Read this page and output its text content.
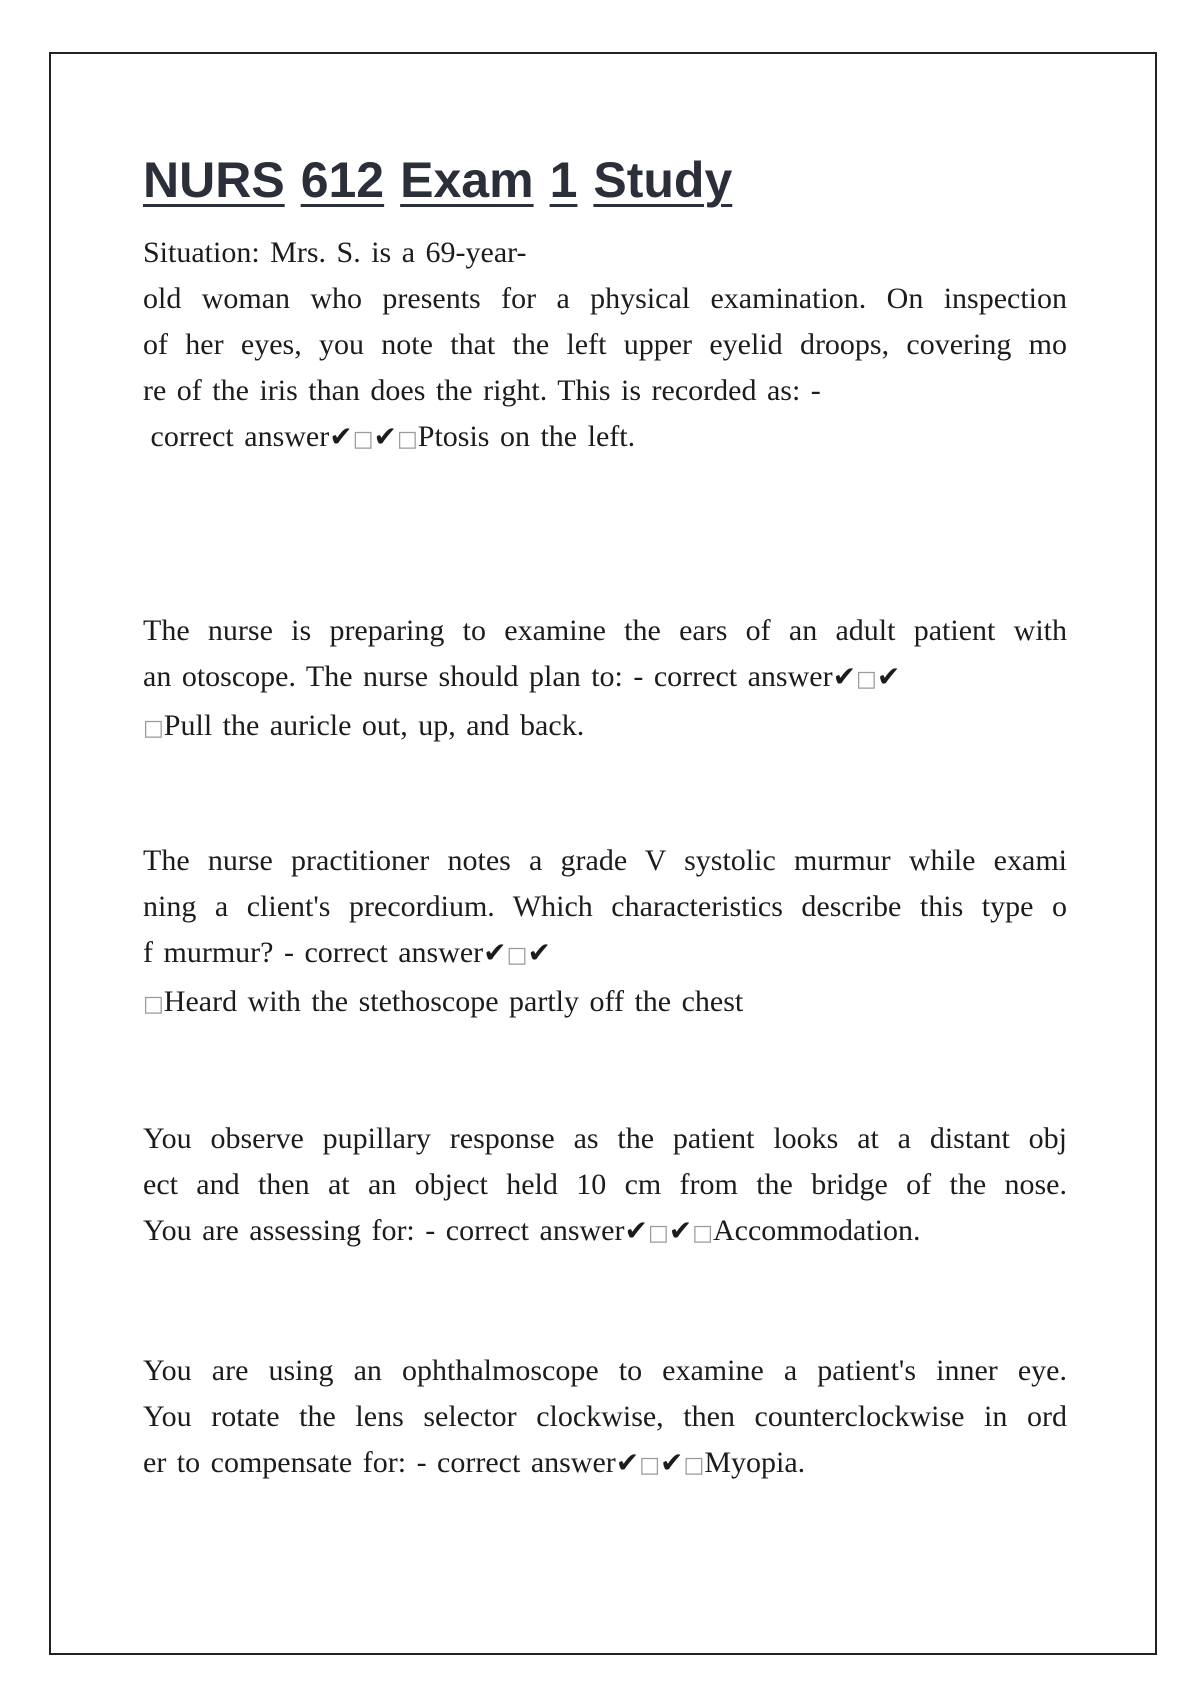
NURS 612 Exam 1 Study
Situation: Mrs. S. is a 69-year-
old woman who presents for a physical examination. On inspection
of her eyes, you note that the left upper eyelid droops, covering mo
re of the iris than does the right. This is recorded as: -
correct answer✔□✔□Ptosis on the left.
The nurse is preparing to examine the ears of an adult patient with
an otoscope. The nurse should plan to: - correct answer✔□✔
□Pull the auricle out, up, and back.
The nurse practitioner notes a grade V systolic murmur while exami
ning a client's precordium. Which characteristics describe this type o
f murmur? - correct answer✔□✔
□Heard with the stethoscope partly off the chest
You observe pupillary response as the patient looks at a distant obj
ect and then at an object held 10 cm from the bridge of the nose.
You are assessing for: - correct answer✔□✔□Accommodation.
You are using an ophthalmoscope to examine a patient's inner eye.
You rotate the lens selector clockwise, then counterclockwise in ord
er to compensate for: - correct answer✔□✔□Myopia.
